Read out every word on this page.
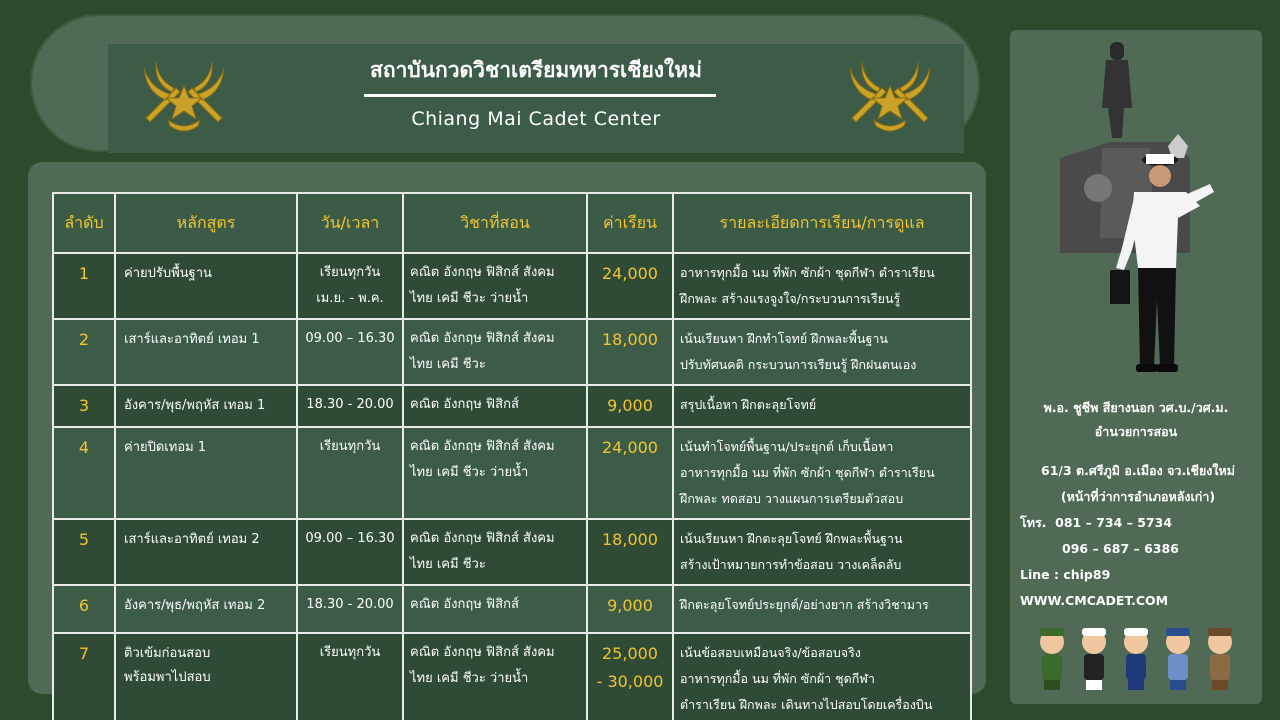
สถาบันกวดวิชาเตรียมทหารเชียงใหม่
Chiang Mai Cadet Center
ลำดับ	หลักสูตร	วัน/เวลา	วิชาที่สอน	ค่าเรียน	รายละเอียดการเรียน/การดูแล
1	ค่ายปรับพื้นฐาน	เรียนทุกวัน
เม.ย. - พ.ค.	คณิต อังกฤษ ฟิสิกส์ สังคม
ไทย เคมี ชีวะ ว่ายน้ำ	24,000	อาหารทุกมื้อ นม ที่พัก ซักผ้า ชุดกีฬา ตำราเรียน
ฝึกพละ สร้างแรงจูงใจ/กระบวนการเรียนรู้
2	เสาร์และอาทิตย์ เทอม 1	09.00 – 16.30	คณิต อังกฤษ ฟิสิกส์ สังคม
ไทย เคมี ชีวะ	18,000	เน้นเรียนหา ฝึกทำโจทย์ ฝึกพละพื้นฐาน
ปรับทัศนคติ กระบวนการเรียนรู้ ฝึกฝนตนเอง
3	อังคาร/พุธ/พฤหัส เทอม 1	18.30 - 20.00	คณิต อังกฤษ ฟิสิกส์	9,000	สรุปเนื้อหา ฝึกตะลุยโจทย์
4	ค่ายปิดเทอม 1	เรียนทุกวัน	คณิต อังกฤษ ฟิสิกส์ สังคม
ไทย เคมี ชีวะ ว่ายน้ำ	24,000	เน้นทำโจทย์พื้นฐาน/ประยุกต์ เก็บเนื้อหา
อาหารทุกมื้อ นม ที่พัก ซักผ้า ชุดกีฬา ตำราเรียน
ฝึกพละ ทดสอบ วางแผนการเตรียมตัวสอบ
5	เสาร์และอาทิตย์ เทอม 2	09.00 – 16.30	คณิต อังกฤษ ฟิสิกส์ สังคม
ไทย เคมี ชีวะ	18,000	เน้นเรียนหา ฝึกตะลุยโจทย์ ฝึกพละพื้นฐาน
สร้างเป้าหมายการทำข้อสอบ วางเคล็ดลับ
6	อังคาร/พุธ/พฤหัส เทอม 2	18.30 - 20.00	คณิต อังกฤษ ฟิสิกส์	9,000	ฝึกตะลุยโจทย์ประยุกต์/อย่างยาก สร้างวิชามาร
7	ติวเข้มก่อนสอบ
พร้อมพาไปสอบ	เรียนทุกวัน	คณิต อังกฤษ ฟิสิกส์ สังคม
ไทย เคมี ชีวะ ว่ายน้ำ	25,000
- 30,000	เน้นข้อสอบเหมือนจริง/ข้อสอบจริง
อาหารทุกมื้อ นม ที่พัก ซักผ้า ชุดกีฬา
ตำราเรียน ฝึกพละ เดินทางไปสอบโดยเครื่องบิน
พ.อ. ชูชีพ สียางนอก วศ.บ./วศ.ม.
อำนวยการสอน
61/3 ต.ศรีภูมิ อ.เมือง จว.เชียงใหม่
(หน้าที่ว่าการอำเภอหลังเก่า)
โทร. 081 – 734 – 5734
096 – 687 – 6386
Line : chip89
WWW.CMCADET.COM
